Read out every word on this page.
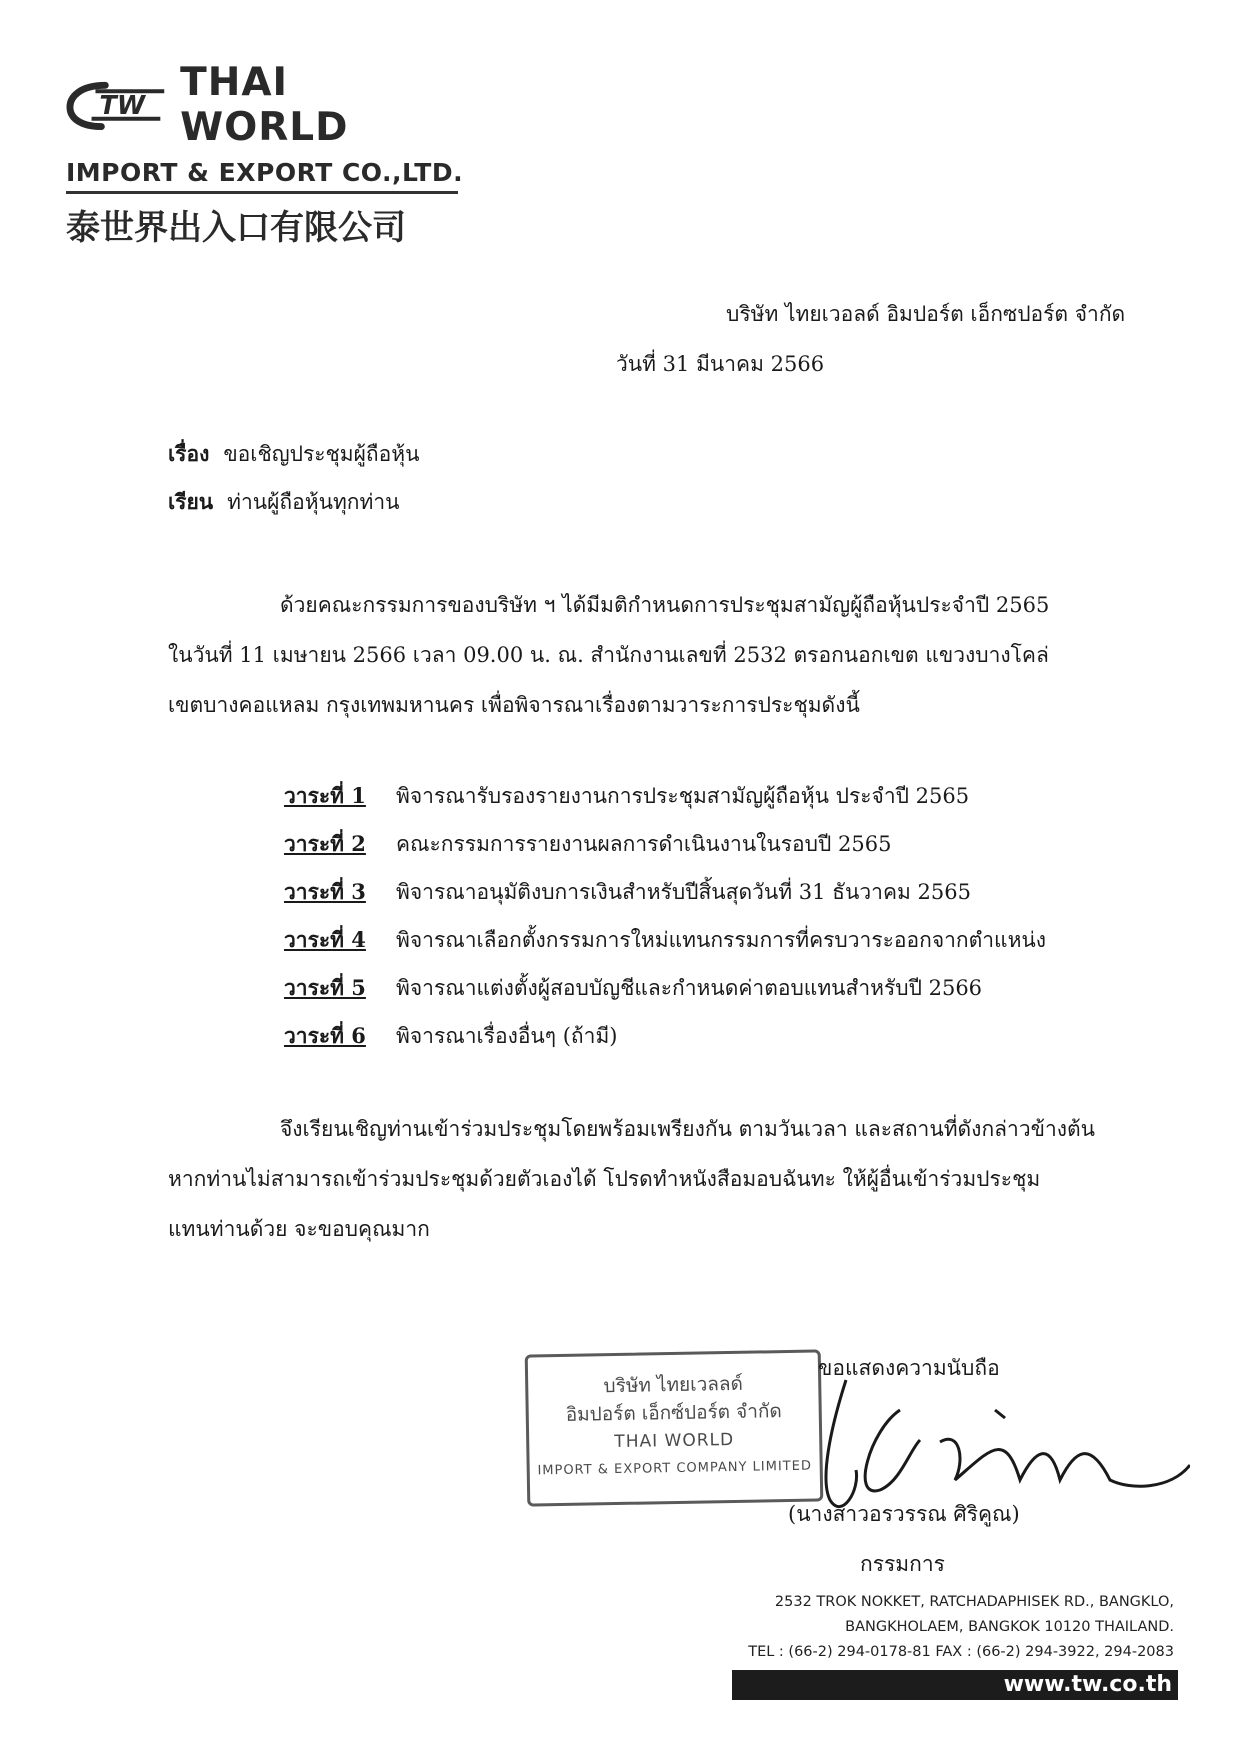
TW
THAI WORLD
IMPORT & EXPORT CO.,LTD.
泰世界出入口有限公司
บริษัท ไทยเวอลด์ อิมปอร์ต เอ็กซปอร์ต จำกัด
วันที่ 31 มีนาคม 2566
เรื่อง ขอเชิญประชุมผู้ถือหุ้น
เรียน ท่านผู้ถือหุ้นทุกท่าน

ด้วยคณะกรรมการของบริษัท ฯ ได้มีมติกำหนดการประชุมสามัญผู้ถือหุ้นประจำปี 2565

ในวันที่ 11 เมษายน 2566 เวลา 09.00 น. ณ. สำนักงานเลขที่ 2532 ตรอกนอกเขต แขวงบางโคล่

เขตบางคอแหลม กรุงเทพมหานคร เพื่อพิจารณาเรื่องตามวาระการประชุมดังนี้

วาระที่ 1	พิจารณารับรองรายงานการประชุมสามัญผู้ถือหุ้น ประจำปี 2565
วาระที่ 2	คณะกรรมการรายงานผลการดำเนินงานในรอบปี 2565
วาระที่ 3	พิจารณาอนุมัติงบการเงินสำหรับปีสิ้นสุดวันที่ 31 ธันวาคม 2565
วาระที่ 4	พิจารณาเลือกตั้งกรรมการใหม่แทนกรรมการที่ครบวาระออกจากตำแหน่ง
วาระที่ 5	พิจารณาแต่งตั้งผู้สอบบัญชีและกำหนดค่าตอบแทนสำหรับปี 2566
วาระที่ 6	พิจารณาเรื่องอื่นๆ (ถ้ามี)

จึงเรียนเชิญท่านเข้าร่วมประชุมโดยพร้อมเพรียงกัน ตามวันเวลา และสถานที่ดังกล่าวข้างต้น

หากท่านไม่สามารถเข้าร่วมประชุมด้วยตัวเองได้ โปรดทำหนังสือมอบฉันทะ ให้ผู้อื่นเข้าร่วมประชุม

แทนท่านด้วย จะขอบคุณมาก

บริษัท ไทยเวลลด์
อิมปอร์ต เอ็กซ์ปอร์ต จำกัด
THAI WORLD
IMPORT & EXPORT COMPANY LIMITED
ขอแสดงความนับถือ
(นางสาวอรวรรณ ศิริคูณ)
กรรมการ
2532 TROK NOKKET, RATCHADAPHISEK RD., BANGKLO,
BANGKHOLAEM, BANGKOK 10120 THAILAND.
TEL : (66-2) 294-0178-81 FAX : (66-2) 294-3922, 294-2083
www.tw.co.th
